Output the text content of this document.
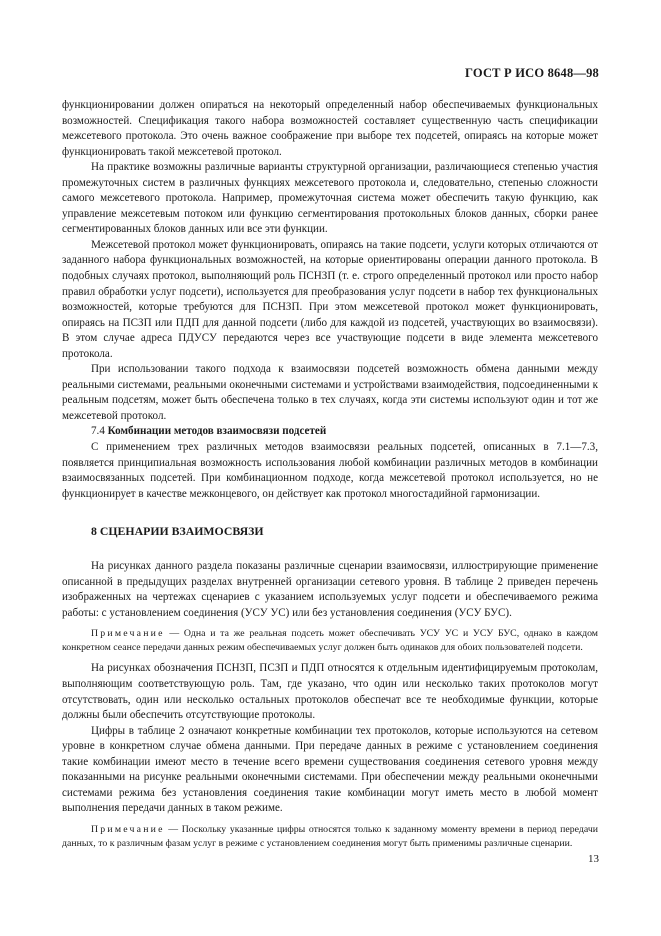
ГОСТ Р ИСО 8648—98

функционировании должен опираться на некоторый определенный набор обеспечиваемых функциональных возможностей. Спецификация такого набора возможностей составляет существенную часть спецификации межсетевого протокола. Это очень важное соображение при выборе тех подсетей, опираясь на которые может функционировать такой межсетевой протокол.

На практике возможны различные варианты структурной организации, различающиеся степенью участия промежуточных систем в различных функциях межсетевого протокола и, следовательно, степенью сложности самого межсетевого протокола. Например, промежуточная система может обеспечить такую функцию, как управление межсетевым потоком или функцию сегментирования протокольных блоков данных, сборки ранее сегментированных блоков данных или все эти функции.

Межсетевой протокол может функционировать, опираясь на такие подсети, услуги которых отличаются от заданного набора функциональных возможностей, на которые ориентированы операции данного протокола. В подобных случаях протокол, выполняющий роль ПСНЗП (т. е. строго определенный протокол или просто набор правил обработки услуг подсети), используется для преобразования услуг подсети в набор тех функциональных возможностей, которые требуются для ПСНЗП. При этом межсетевой протокол может функционировать, опираясь на ПСЗП или ПДП для данной подсети (либо для каждой из подсетей, участвующих во взаимосвязи). В этом случае адреса ПДУСУ передаются через все участвующие подсети в виде элемента межсетевого протокола.

При использовании такого подхода к взаимосвязи подсетей возможность обмена данными между реальными системами, реальными оконечными системами и устройствами взаимодействия, подсоединенными к реальным подсетям, может быть обеспечена только в тех случаях, когда эти системы используют один и тот же межсетевой протокол.

7.4 Комбинации методов взаимосвязи подсетей

С применением трех различных методов взаимосвязи реальных подсетей, описанных в 7.1—7.3, появляется принципиальная возможность использования любой комбинации различных методов в комбинации взаимосвязанных подсетей. При комбинационном подходе, когда межсетевой протокол используется, но не функционирует в качестве межконцевого, он действует как протокол многостадийной гармонизации.

8 СЦЕНАРИИ ВЗАИМОСВЯЗИ

На рисунках данного раздела показаны различные сценарии взаимосвязи, иллюстрирующие применение описанной в предыдущих разделах внутренней организации сетевого уровня. В таблице 2 приведен перечень изображенных на чертежах сценариев с указанием используемых услуг подсети и обеспечиваемого режима работы: с установлением соединения (УСУ УС) или без установления соединения (УСУ БУС).

Примечание — Одна и та же реальная подсеть может обеспечивать УСУ УС и УСУ БУС, однако в каждом конкретном сеансе передачи данных режим обеспечиваемых услуг должен быть одинаков для обоих пользователей подсети.

На рисунках обозначения ПСНЗП, ПСЗП и ПДП относятся к отдельным идентифицируемым протоколам, выполняющим соответствующую роль. Там, где указано, что один или несколько таких протоколов могут отсутствовать, один или несколько остальных протоколов обеспечат все те необходимые функции, которые должны были обеспечить отсутствующие протоколы.

Цифры в таблице 2 означают конкретные комбинации тех протоколов, которые используются на сетевом уровне в конкретном случае обмена данными. При передаче данных в режиме с установлением соединения такие комбинации имеют место в течение всего времени существования соединения сетевого уровня между показанными на рисунке реальными оконечными системами. При обеспечении между реальными оконечными системами режима без установления соединения такие комбинации могут иметь место в любой момент выполнения передачи данных в таком режиме.

Примечание — Поскольку указанные цифры относятся только к заданному моменту времени в период передачи данных, то к различным фазам услуг в режиме с установлением соединения могут быть применимы различные сценарии.

13
